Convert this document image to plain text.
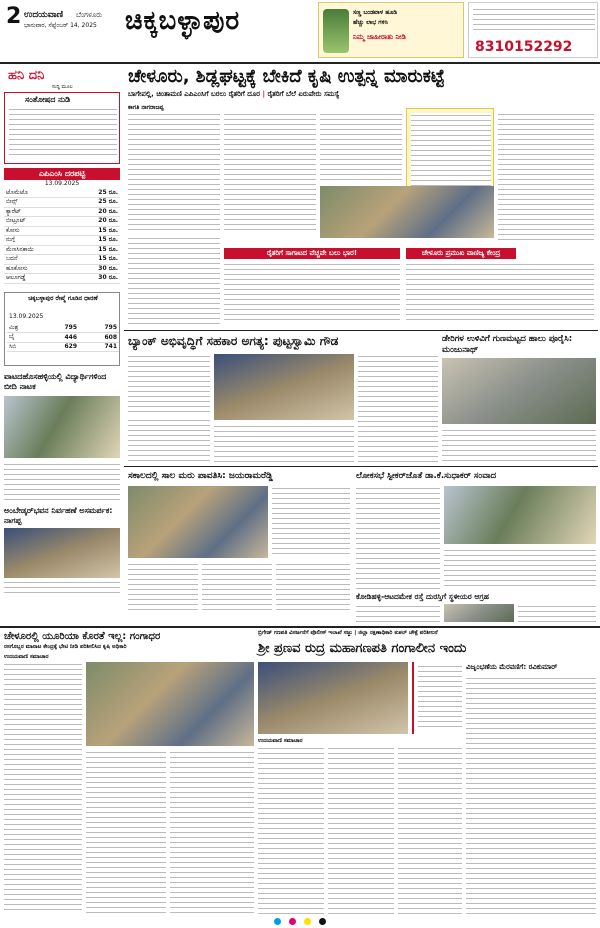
2 ಉದಯವಾಣಿ ಬೆಂಗಳೂರು
ಭಾನುವಾರ, ಸೆಪ್ಟೆಂಬರ್ 14, 2025 ಚಿಕ್ಕಬಳ್ಳಾಪುರ	ಸಣ್ಣ ಬಂಡವಾಳ ಹೂಡಿ
ಹೆಚ್ಚು ಲಾಭ ಗಳಿಸಿ
ನಿಮ್ಮ ಜಾಹೀರಾತು ನೀಡಿ
8310152292
ಹನಿ ದನಿ
ಸುದ್ದಿ ಮೂಲ
ಸಂತೋಷದ ನುಡಿ
ಎಪಿಎಂಸಿ ದರಪಟ್ಟಿ
13.09.2025
ಟೊಮೆಟೊ	25 ರೂ.
ಬೀನ್ಸ್	25 ರೂ.
ಕ್ಯಾರೆಟ್	20 ರೂ.
ಬೀಟ್ರೂಟ್	20 ರೂ.
ಕೋಸು	15 ರೂ.
ನುಗ್ಗೆ	15 ರೂ.
ಮೆಣಸಿನಕಾಯಿ	15 ರೂ.
ಬದನೆ	15 ರೂ.
ಹೂಕೋಸು	30 ರೂ.
ಆಲೂಗಡ್ಡೆ	30 ರೂ.
ಚಿಕ್ಕಬಳ್ಳಾಪುರ ರೇಷ್ಮೆ ಗೂಡಿನ ಧಾರಣೆ
13.09.2025
ಮಿಶ್ರ	795	795
ಬೈ	446	608
ಸಿಬಿ	629	741
ವಾಟದಹೊಸಹಳ್ಳಿಯಲ್ಲಿ ವಿದ್ಯಾರ್ಥಿಗಳಿಂದ ಬೀದಿ ನಾಟಕ
ಅಂಬೇಡ್ಕರ್‌ಭವನ ನಿರ್ವಹಣೆ ಅಸಮರ್ಪಕ: ನಾಗಪ್ಪ
ಚೇಳೂರು, ಶಿಡ್ಲಘಟ್ಟಕ್ಕೆ ಬೇಕಿದೆ ಕೃಷಿ ಉತ್ಪನ್ನ ಮಾರುಕಟ್ಟೆ
ಬಾಗೇಪಲ್ಲಿ, ಚಿಂತಾಮಣಿ ಎಪಿಎಂಸಿಗೆ ಬರಲು ರೈತರಿಗೆ ದೂರ | ರೈತರಿಗೆ ಬೆಲೆ ಏರುಪೇರು ಸಮಸ್ಯೆ
ಕಾಗತಿ ನಾಗರಾಜಪ್ಪ
ರೈತರಿಗೆ ಸಾಗಾಟದ ವೆಚ್ಚವೇ ಬಲು ಭಾರ!	ಚೇಳೂರು ಪ್ರಮುಖ ವಾಣಿಜ್ಯ ಕೇಂದ್ರ
ಬ್ಯಾಂಕ್ ಅಭಿವೃದ್ಧಿಗೆ ಸಹಕಾರ ಅಗತ್ಯ: ಪುಟ್ಟಸ್ವಾಮಿ ಗೌಡ	ಡೇರಿಗಳ ಉಳಿವಿಗೆ ಗುಣಮಟ್ಟದ ಹಾಲು ಪೂರೈಸಿ: ಮಂಜುನಾಥ್
ಸಕಾಲದಲ್ಲಿ ಸಾಲ ಮರು ಪಾವತಿಸಿ: ಜಯರಾಮರೆಡ್ಡಿ	ಲೋಕಸಭೆ ಸ್ಪೀಕರ್‌ಜೊತೆ ಡಾ.ಕೆ.ಸುಧಾಕರ್ ಸಂವಾದ
ಕೋಡಿಹಳ್ಳಿ-ಆಟದಮೇಕ ರಸ್ತೆ ದುರಸ್ತಿಗೆ ಸ್ಥಳೀಯರ ಆಗ್ರಹ
ಚೇಳೂರಲ್ಲಿ ಯೂರಿಯಾ ಕೊರತೆ ಇಲ್ಲ: ಗಂಗಾಧರ
ರಸಗೊಬ್ಬರ ಮಾರಾಟ ಕೇಂದ್ರಕ್ಕೆ ಭೇಟಿ ನೀಡಿ ಪರಿಶೀಲಿಸಿದ ಕೃಷಿ ಅಧಿಕಾರಿ
ಉದಯವಾಣಿ ಸಮಾಚಾರ
ಬ್ರಿಗೇಡ್ ಗಣಪತಿ ವಿಸರ್ಜನೆಗೆ ಪೊಲೀಸ್ ಇಲಾಖೆ ಸಜ್ಜು | ಜಿಲ್ಲಾ ರಕ್ಷಣಾಧಿಕಾರಿ ಕುಶಲ್ ಚೌಕ್ಸೆ ಪರಿಶೀಲನೆ
ಶ್ರೀ ಪ್ರಣವ ರುದ್ರ ಮಹಾಗಣಪತಿ ಗಂಗಾಲೀನ ಇಂದು
ವಿಜೃಂಭಣೆಯ ಮೆರವಣಿಗೆ: ರವಿಕುಮಾರ್
ಉದಯವಾಣಿ ಸಮಾಚಾರ
